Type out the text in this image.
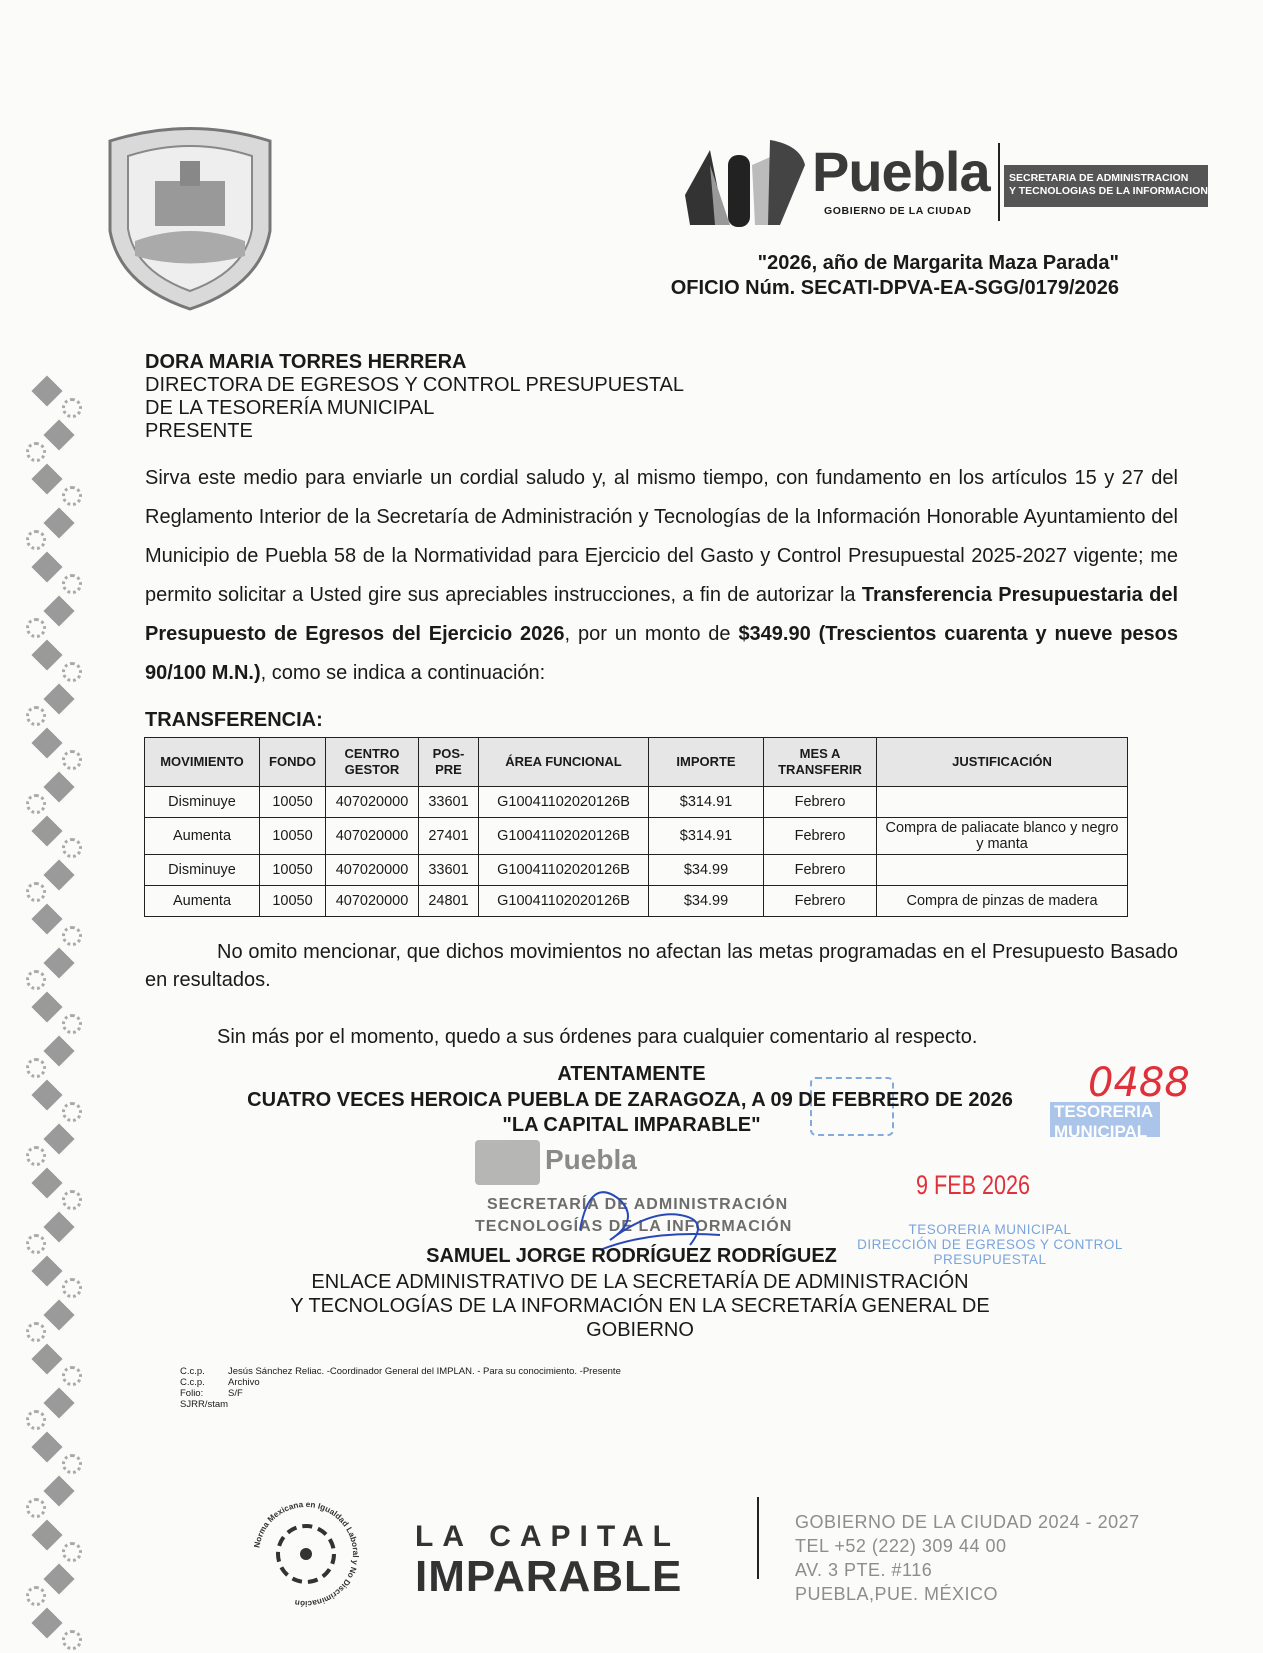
Puebla
GOBIERNO DE LA CIUDAD
SECRETARIA DE ADMINISTRACION
Y TECNOLOGIAS DE LA INFORMACION
"2026, año de Margarita Maza Parada"
OFICIO Núm. SECATI-DPVA-EA-SGG/0179/2026
DORA MARIA TORRES HERRERA
DIRECTORA DE EGRESOS Y CONTROL PRESUPUESTAL
DE LA TESORERÍA MUNICIPAL
PRESENTE
Sirva este medio para enviarle un cordial saludo y, al mismo tiempo, con fundamento en los artículos 15 y 27 del Reglamento Interior de la Secretaría de Administración y Tecnologías de la Información Honorable Ayuntamiento del Municipio de Puebla 58 de la Normatividad para Ejercicio del Gasto y Control Presupuestal 2025-2027 vigente; me permito solicitar a Usted gire sus apreciables instrucciones, a fin de autorizar la Transferencia Presupuestaria del Presupuesto de Egresos del Ejercicio 2026, por un monto de $349.90 (Trescientos cuarenta y nueve pesos 90/100 M.N.), como se indica a continuación:
TRANSFERENCIA:
MOVIMIENTO	FONDO	CENTRO GESTOR	POS-PRE	ÁREA FUNCIONAL	IMPORTE	MES A TRANSFERIR	JUSTIFICACIÓN
Disminuye	10050	407020000	33601	G10041102020126B	$314.91	Febrero	
Aumenta	10050	407020000	27401	G10041102020126B	$314.91	Febrero	Compra de paliacate blanco y negro y manta
Disminuye	10050	407020000	33601	G10041102020126B	$34.99	Febrero	
Aumenta	10050	407020000	24801	G10041102020126B	$34.99	Febrero	Compra de pinzas de madera
No omito mencionar, que dichos movimientos no afectan las metas programadas en el Presupuesto Basado en resultados.
Sin más por el momento, quedo a sus órdenes para cualquier comentario al respecto.
TESORERIA MUNICIPAL
0488
9 FEB 2026
TESORERIA MUNICIPAL
DIRECCIÓN DE EGRESOS Y CONTROL
PRESUPUESTAL
ATENTAMENTE
CUATRO VECES HEROICA PUEBLA DE ZARAGOZA, A 09 DE FEBRERO DE 2026
"LA CAPITAL IMPARABLE"
Puebla
SECRETARÍA DE ADMINISTRACIÓN
TECNOLOGÍAS DE LA INFORMACIÓN
SAMUEL JORGE RODRÍGUEZ RODRÍGUEZ
ENLACE ADMINISTRATIVO DE LA SECRETARÍA DE ADMINISTRACIÓN
Y TECNOLOGÍAS DE LA INFORMACIÓN EN LA SECRETARÍA GENERAL DE
GOBIERNO
C.c.p. Jesús Sánchez Reliac. -Coordinador General del IMPLAN. - Para su conocimiento. -Presente
C.c.p. Archivo
Folio:	S/F
SJRR/stam
Norma Mexicana en Igualdad Laboral y No Discriminación
LA CAPITAL
IMPARABLE
GOBIERNO DE LA CIUDAD 2024 - 2027
TEL +52 (222) 309 44 00
AV. 3 PTE. #116
PUEBLA,PUE. MÉXICO
